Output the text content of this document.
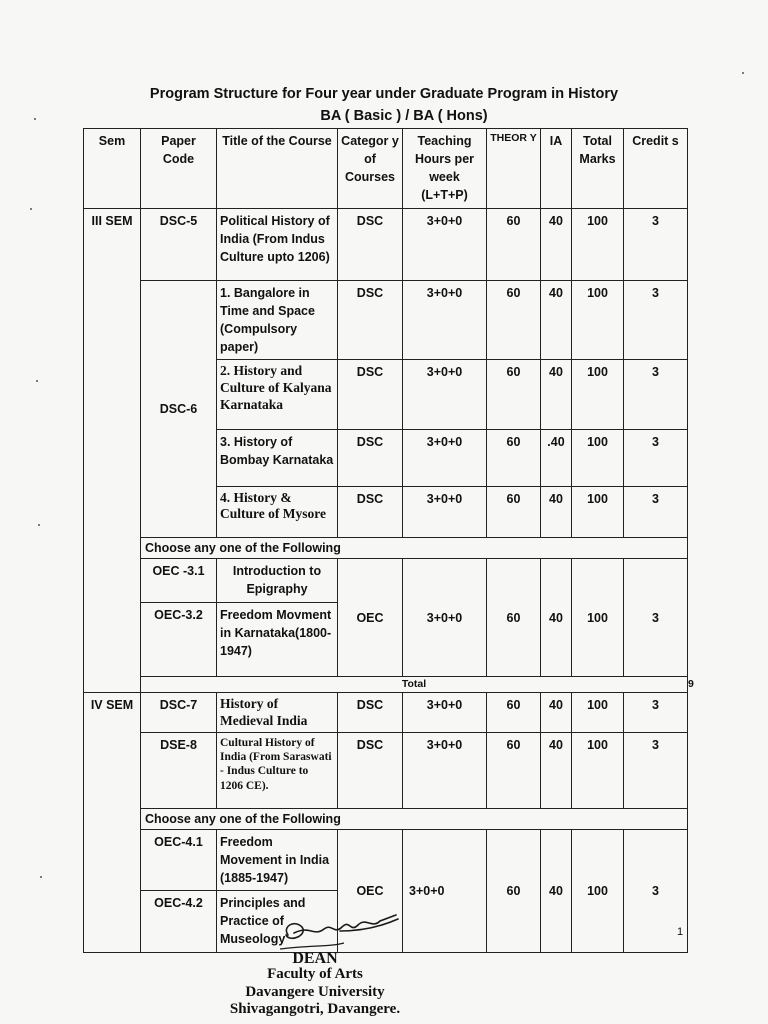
Program Structure for Four year under Graduate Program in History
BA ( Basic ) / BA ( Hons)
Sem	Paper Code	Title of the Course	Categor y of Courses	Teaching Hours per week (L+T+P)	THEOR Y	IA	Total Marks	Credit s	
III SEM	DSC-5	Political History of India (From Indus Culture upto 1206)	DSC	3+0+0	60	40	100	3	
	DSC-6	1. Bangalore in Time and Space (Compulsory paper)	DSC	3+0+0	60	40	100	3	
		2. History and Culture of Kalyana Karnataka	DSC	3+0+0	60	40	100	3	
		3. History of Bombay Karnataka	DSC	3+0+0	60	.40	100	3	
		4. History & Culture of Mysore	DSC	3+0+0	60	40	100	3	
	Choose any one of the Following								
	OEC -3.1	Introduction to Epigraphy	OEC	3+0+0	60	40	100	3	
	OEC-3.2	Freedom Movment in Karnataka(1800-1947)							
	Total								9
IV SEM	DSC-7	History of Medieval India	DSC	3+0+0	60	40	100	3	
	DSE-8	Cultural History of India (From Saraswati - Indus Culture to 1206 CE).	DSC	3+0+0	60	40	100	3	
	Choose any one of the Following								
	OEC-4.1	Freedom Movement in India (1885-1947)	OEC	3+0+0	60	40	100	3	
	OEC-4.2	Principles and Practice of Museology							

1
DEAN
Faculty of Arts
Davangere University
Shivagangotri, Davangere.
